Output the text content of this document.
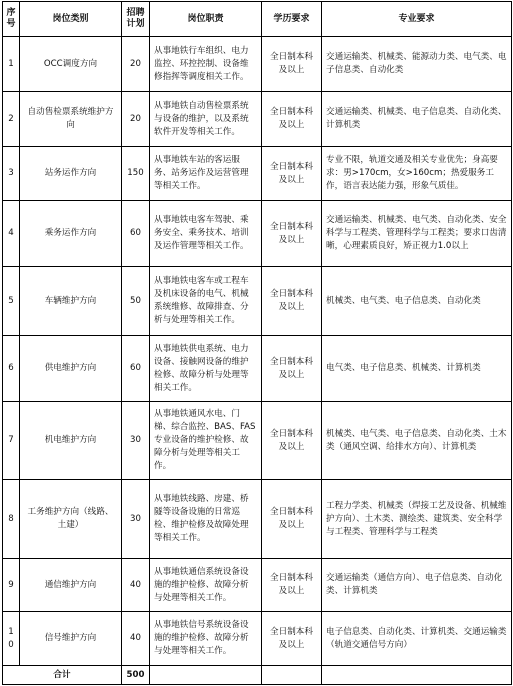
序号	岗位类别	招聘计划	岗位职责	学历要求	专业要求
1	OCC调度方向	20	从事地铁行车组织、电力监控、环控控制、设备维修指挥等调度相关工作。	全日制本科及以上	交通运输类、机械类、能源动力类、电气类、电子信息类、自动化类
2	自动售检票系统维护方向	20	从事地铁自动售检票系统与设备的维护，以及系统软件开发等相关工作。	全日制本科及以上	交通运输类、机械类、电子信息类、自动化类、计算机类
3	站务运作方向	150	从事地铁车站的客运服务、站务运作及运营管理等相关工作。	全日制本科及以上	专业不限，轨道交通及相关专业优先；身高要求：男>170cm，女>160cm；热爱服务工作，语言表达能力强，形象气质佳。
4	乘务运作方向	60	从事地铁电客车驾驶、乘务安全、乘务技术、培训及运作管理等相关工作。	全日制本科及以上	交通运输类、机械类、电气类、自动化类、安全科学与工程类、管理科学与工程类；要求口齿清晰，心理素质良好，矫正视力1.0以上
5	车辆维护方向	50	从事地铁电客车或工程车及机床设备的电气、机械系统维修、故障排查、分析与处理等相关工作。	全日制本科及以上	机械类、电气类、电子信息类、自动化类
6	供电维护方向	60	从事地铁供电系统、电力设备、接触网设备的维护检修、故障分析与处理等相关工作。	全日制本科及以上	电气类、电子信息类、机械类、计算机类
7	机电维护方向	30	从事地铁通风水电、门梯、综合监控、BAS、FAS专业设备的维护检修、故障分析与处理等相关工作。	全日制本科及以上	机械类、电气类、电子信息类、自动化类、土木类（通风空调、给排水方向）、计算机类
8	工务维护方向（线路、土建）	30	从事地铁线路、房建、桥隧等设备设施的日常巡检、维护检修及故障处理等相关工作。	全日制本科及以上	工程力学类、机械类（焊接工艺及设备、机械维护方向）、土木类、测绘类、建筑类、安全科学与工程类、管理科学与工程类
9	通信维护方向	40	从事地铁通信系统设备设施的维护检修、故障分析与处理等相关工作。	全日制本科及以上	交通运输类（通信方向）、电子信息类、自动化类、计算机类
10	信号维护方向	40	从事地铁信号系统设备设施的维护检修、故障分析与处理等相关工作。	全日制本科及以上	电子信息类、自动化类、计算机类、交通运输类（轨道交通信号方向）
合计		500			
